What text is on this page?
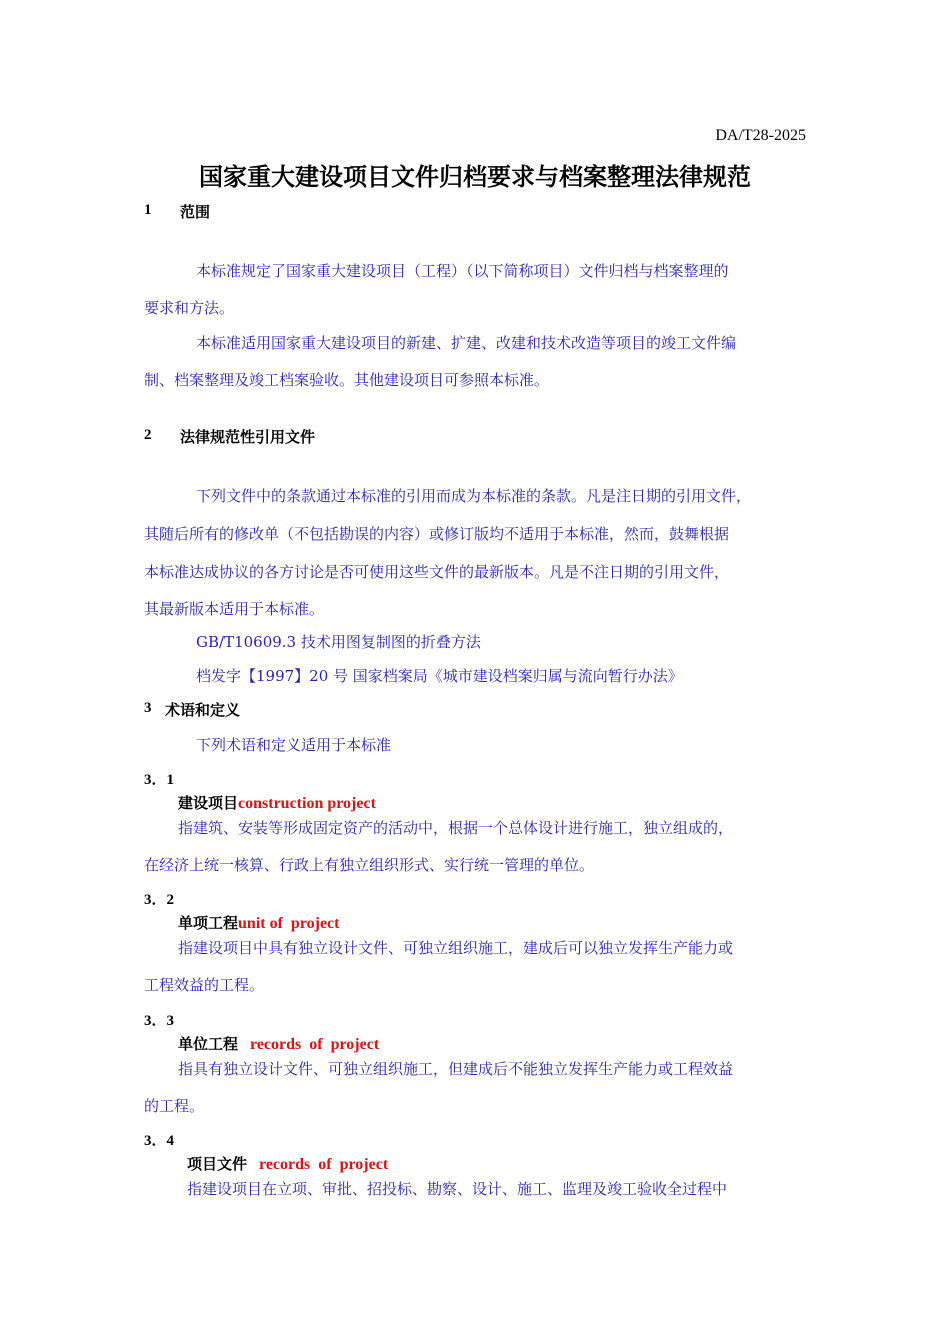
DA/T28-2025
国家重大建设项目文件归档要求与档案整理法律规范
1 范围
本标准规定了国家重大建设项目（工程）（以下简称项目）文件归档与档案整理的
要求和方法。
本标准适用国家重大建设项目的新建、扩建、改建和技术改造等项目的竣工文件编
制、档案整理及竣工档案验收。其他建设项目可参照本标准。
2 法律规范性引用文件
下列文件中的条款通过本标准的引用而成为本标准的条款。凡是注日期的引用文件，
其随后所有的修改单（不包括勘误的内容）或修订版均不适用于本标准，然而，鼓舞根据
本标准达成协议的各方讨论是否可使用这些文件的最新版本。凡是不注日期的引用文件，
其最新版本适用于本标准。
GB/T10609.3 技术用图复制图的折叠方法
档发字【1997】20 号 国家档案局《城市建设档案归属与流向暂行办法》
3 术语和定义
下列术语和定义适用于本标准
3．1
建设项目construction project
指建筑、安装等形成固定资产的活动中，根据一个总体设计进行施工，独立组成的，
在经济上统一核算、行政上有独立组织形式、实行统一管理的单位。
3．2
单项工程unit of  project
指建设项目中具有独立设计文件、可独立组织施工，建成后可以独立发挥生产能力或
工程效益的工程。
3．3
单位工程 records  of  project
指具有独立设计文件、可独立组织施工，但建成后不能独立发挥生产能力或工程效益
的工程。
3．4
项目文件 records  of  project
指建设项目在立项、审批、招投标、勘察、设计、施工、监理及竣工验收全过程中
